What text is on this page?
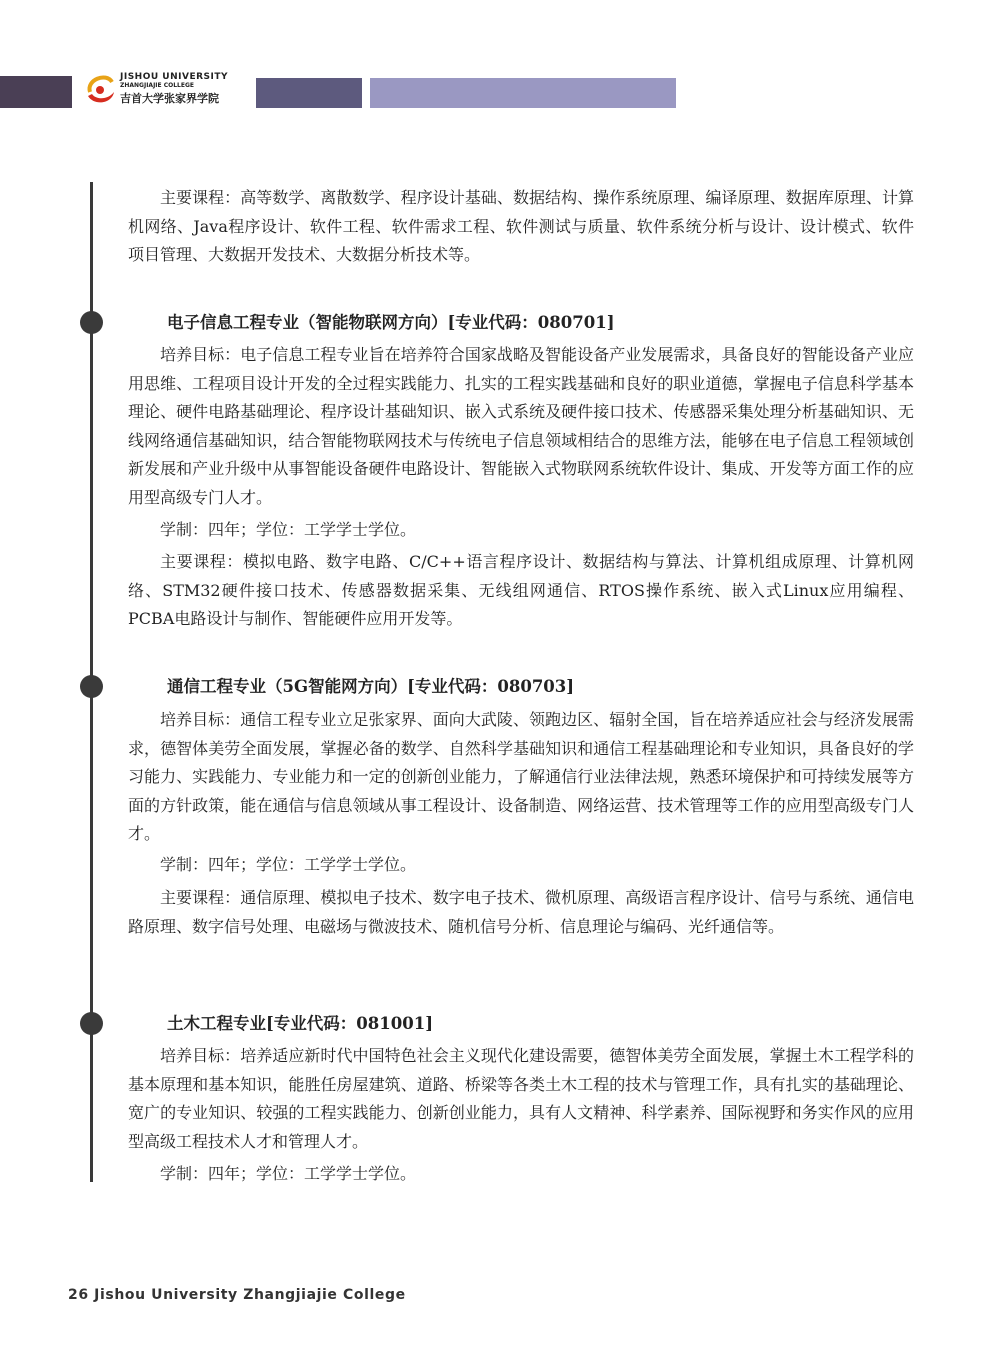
JISHOU UNIVERSITY
ZHANGJIAJIE COLLEGE
吉首大学张家界学院

主要课程：高等数学、离散数学、程序设计基础、数据结构、操作系统原理、编译原理、数据库原理、计算机网络、Java程序设计、软件工程、软件需求工程、软件测试与质量、软件系统分析与设计、设计模式、软件项目管理、大数据开发技术、大数据分析技术等。

电子信息工程专业（智能物联网方向）[专业代码：080701]

培养目标：电子信息工程专业旨在培养符合国家战略及智能设备产业发展需求，具备良好的智能设备产业应用思维、工程项目设计开发的全过程实践能力、扎实的工程实践基础和良好的职业道德，掌握电子信息科学基本理论、硬件电路基础理论、程序设计基础知识、嵌入式系统及硬件接口技术、传感器采集处理分析基础知识、无线网络通信基础知识，结合智能物联网技术与传统电子信息领域相结合的思维方法，能够在电子信息工程领域创新发展和产业升级中从事智能设备硬件电路设计、智能嵌入式物联网系统软件设计、集成、开发等方面工作的应用型高级专门人才。

学制：四年；学位：工学学士学位。

主要课程：模拟电路、数字电路、C/C++语言程序设计、数据结构与算法、计算机组成原理、计算机网络、STM32硬件接口技术、传感器数据采集、无线组网通信、RTOS操作系统、嵌入式Linux应用编程、PCBA电路设计与制作、智能硬件应用开发等。

通信工程专业（5G智能网方向）[专业代码：080703]

培养目标：通信工程专业立足张家界、面向大武陵、领跑边区、辐射全国，旨在培养适应社会与经济发展需求，德智体美劳全面发展，掌握必备的数学、自然科学基础知识和通信工程基础理论和专业知识，具备良好的学习能力、实践能力、专业能力和一定的创新创业能力，了解通信行业法律法规，熟悉环境保护和可持续发展等方面的方针政策，能在通信与信息领域从事工程设计、设备制造、网络运营、技术管理等工作的应用型高级专门人才。

学制：四年；学位：工学学士学位。

主要课程：通信原理、模拟电子技术、数字电子技术、微机原理、高级语言程序设计、信号与系统、通信电路原理、数字信号处理、电磁场与微波技术、随机信号分析、信息理论与编码、光纤通信等。

土木工程专业[专业代码：081001]

培养目标：培养适应新时代中国特色社会主义现代化建设需要，德智体美劳全面发展，掌握土木工程学科的基本原理和基本知识，能胜任房屋建筑、道路、桥梁等各类土木工程的技术与管理工作，具有扎实的基础理论、宽广的专业知识、较强的工程实践能力、创新创业能力，具有人文精神、科学素养、国际视野和务实作风的应用型高级工程技术人才和管理人才。

学制：四年；学位：工学学士学位。

26 Jishou University Zhangjiajie College
